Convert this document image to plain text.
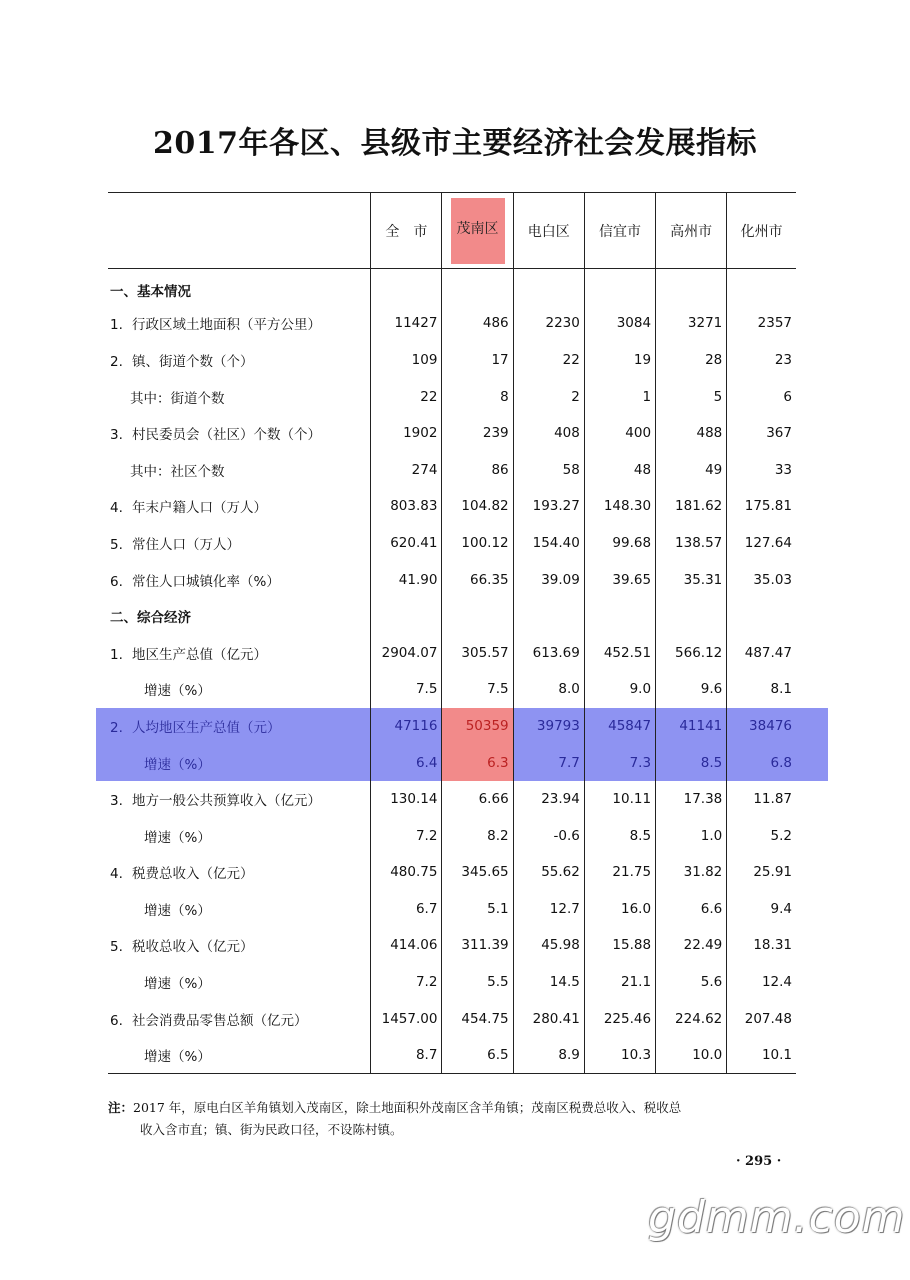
2017年各区、县级市主要经济社会发展指标
	全　市	茂南区	电白区	信宜市	高州市	化州市
一、基本情况						
1. 行政区域土地面积（平方公里）	11427	486	2230	3084	3271	2357
2. 镇、街道个数（个）	109	17	22	19	28	23
其中：街道个数	22	8	2	1	5	6
3. 村民委员会（社区）个数（个）	1902	239	408	400	488	367
其中：社区个数	274	86	58	48	49	33
4. 年末户籍人口（万人）	803.83	104.82	193.27	148.30	181.62	175.81
5. 常住人口（万人）	620.41	100.12	154.40	99.68	138.57	127.64
6. 常住人口城镇化率（%）	41.90	66.35	39.09	39.65	35.31	35.03
二、综合经济						
1. 地区生产总值（亿元）	2904.07	305.57	613.69	452.51	566.12	487.47
增速（%）	7.5	7.5	8.0	9.0	9.6	8.1
2. 人均地区生产总值（元）	47116	50359	39793	45847	41141	38476
增速（%）	6.4	6.3	7.7	7.3	8.5	6.8
3. 地方一般公共预算收入（亿元）	130.14	6.66	23.94	10.11	17.38	11.87
增速（%）	7.2	8.2	-0.6	8.5	1.0	5.2
4. 税费总收入（亿元）	480.75	345.65	55.62	21.75	31.82	25.91
增速（%）	6.7	5.1	12.7	16.0	6.6	9.4
5. 税收总收入（亿元）	414.06	311.39	45.98	15.88	22.49	18.31
增速（%）	7.2	5.5	14.5	21.1	5.6	12.4
6. 社会消费品零售总额（亿元）	1457.00	454.75	280.41	225.46	224.62	207.48
增速（%）	8.7	6.5	8.9	10.3	10.0	10.1
注：2017 年，原电白区羊角镇划入茂南区，除土地面积外茂南区含羊角镇；茂南区税费总收入、税收总
收入含市直；镇、街为民政口径，不设陈村镇。
· 295 ·
gdmm.com
